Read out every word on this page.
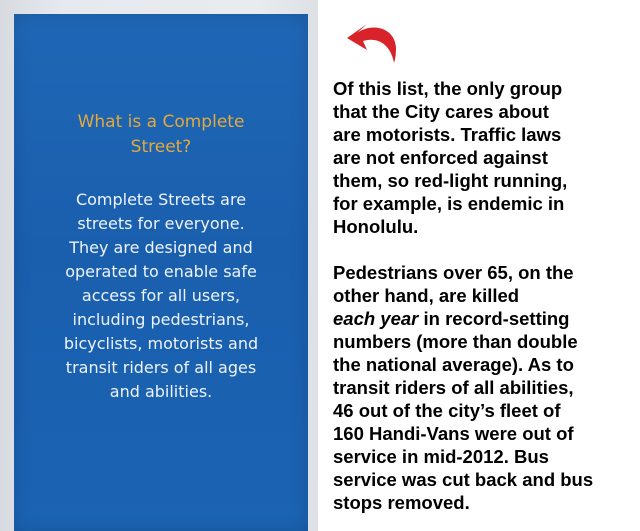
What is a Complete
Street?
Complete Streets are
streets for everyone.
They are designed and
operated to enable safe
access for all users,
including pedestrians,
bicyclists, motorists and
transit riders of all ages
and abilities.

Of this list, the only group
that the City cares about
are motorists. Traffic laws
are not enforced against
them, so red-light running,
for example, is endemic in
Honolulu.

Pedestrians over 65, on the
other hand, are killed
each year in record-setting
numbers (more than double
the national average). As to
transit riders of all abilities,
46 out of the city’s fleet of
160 Handi-Vans were out of
service in mid-2012. Bus
service was cut back and bus
stops removed.
